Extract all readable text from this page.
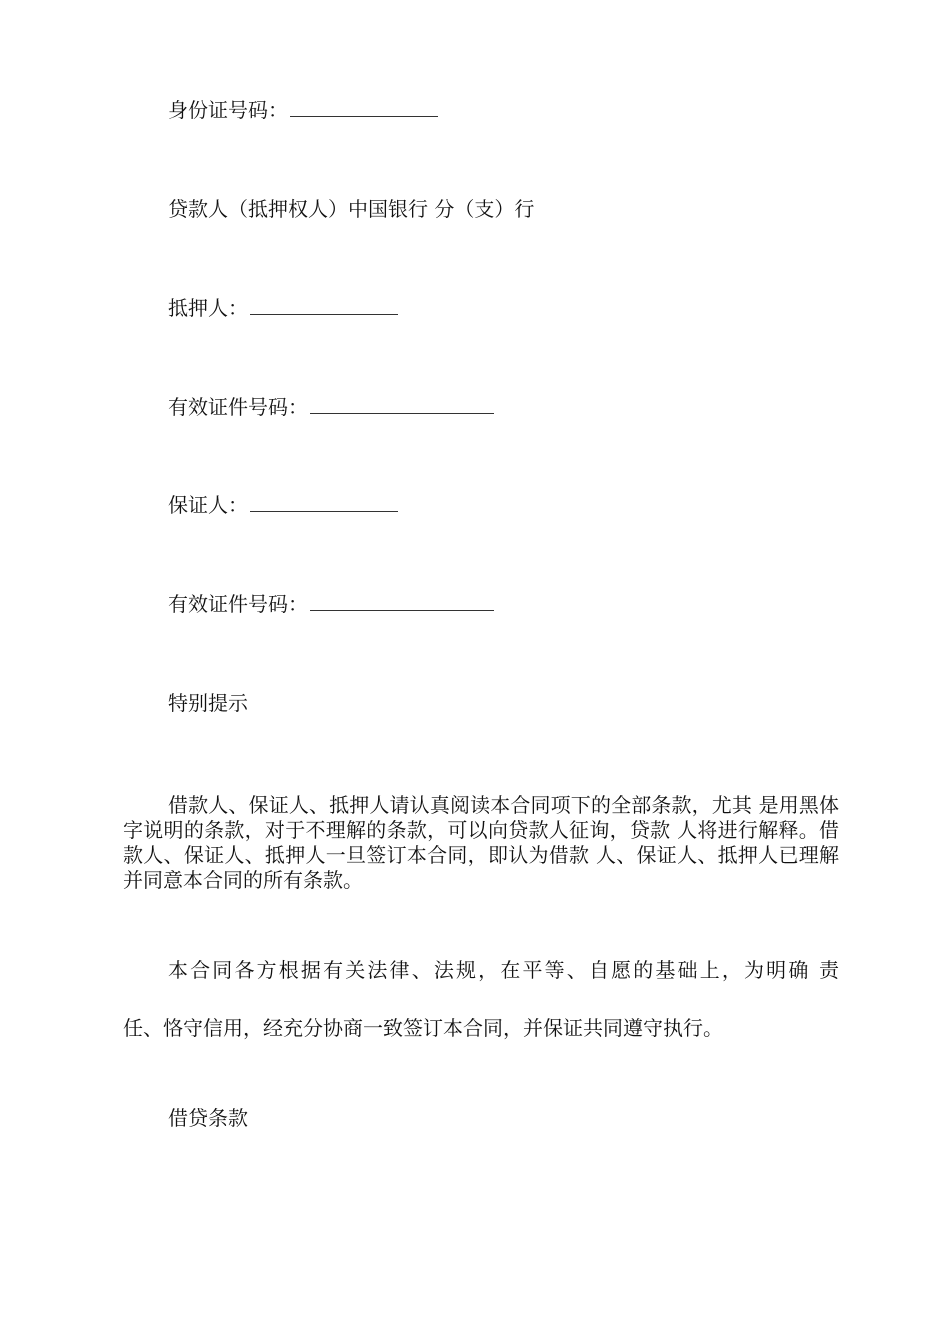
身份证号码：
贷款人（抵押权人）中国银行 分（支）行
抵押人：
有效证件号码：
保证人：
有效证件号码：
特别提示
借款人、保证人、抵押人请认真阅读本合同项下的全部条款，尤其 是用黑体字说明的条款，对于不理解的条款，可以向贷款人征询，贷款 人将进行解释。借款人、保证人、抵押人一旦签订本合同，即认为借款 人、保证人、抵押人已理解并同意本合同的所有条款。
本合同各方根据有关法律、法规，在平等、自愿的基础上，为明确 责
任、恪守信用，经充分协商一致签订本合同，并保证共同遵守执行。
借贷条款
